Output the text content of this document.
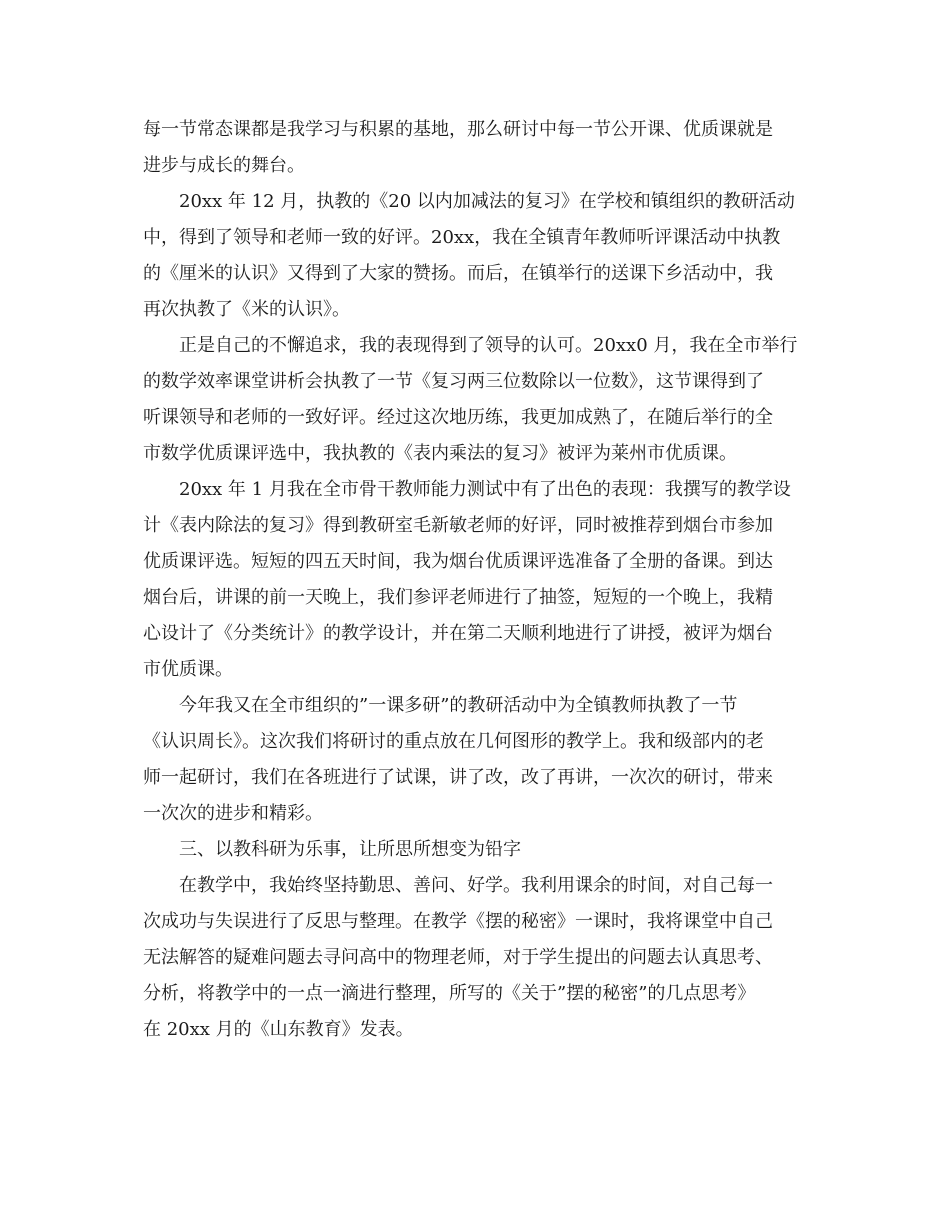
每一节常态课都是我学习与积累的基地，那么研讨中每一节公开课、优质课就是
进步与成长的舞台。
20xx 年 12 月，执教的《20 以内加减法的复习》在学校和镇组织的教研活动
中，得到了领导和老师一致的好评。20xx，我在全镇青年教师听评课活动中执教
的《厘米的认识》又得到了大家的赞扬。而后，在镇举行的送课下乡活动中，我
再次执教了《米的认识》。
正是自己的不懈追求，我的表现得到了领导的认可。20xx0 月，我在全市举行
的数学效率课堂讲析会执教了一节《复习两三位数除以一位数》，这节课得到了
听课领导和老师的一致好评。经过这次地历练，我更加成熟了，在随后举行的全
市数学优质课评选中，我执教的《表内乘法的复习》被评为莱州市优质课。
20xx 年 1 月我在全市骨干教师能力测试中有了出色的表现：我撰写的教学设
计《表内除法的复习》得到教研室毛新敏老师的好评，同时被推荐到烟台市参加
优质课评选。短短的四五天时间，我为烟台优质课评选准备了全册的备课。到达
烟台后，讲课的前一天晚上，我们参评老师进行了抽签，短短的一个晚上，我精
心设计了《分类统计》的教学设计，并在第二天顺利地进行了讲授，被评为烟台
市优质课。
今年我又在全市组织的”一课多研”的教研活动中为全镇教师执教了一节
《认识周长》。这次我们将研讨的重点放在几何图形的教学上。我和级部内的老
师一起研讨，我们在各班进行了试课，讲了改，改了再讲，一次次的研讨，带来
一次次的进步和精彩。
三、以教科研为乐事，让所思所想变为铅字
在教学中，我始终坚持勤思、善问、好学。我利用课余的时间，对自己每一
次成功与失误进行了反思与整理。在教学《摆的秘密》一课时，我将课堂中自己
无法解答的疑难问题去寻问高中的物理老师，对于学生提出的问题去认真思考、
分析，将教学中的一点一滴进行整理，所写的《关于”摆的秘密”的几点思考》
在 20xx 月的《山东教育》发表。
